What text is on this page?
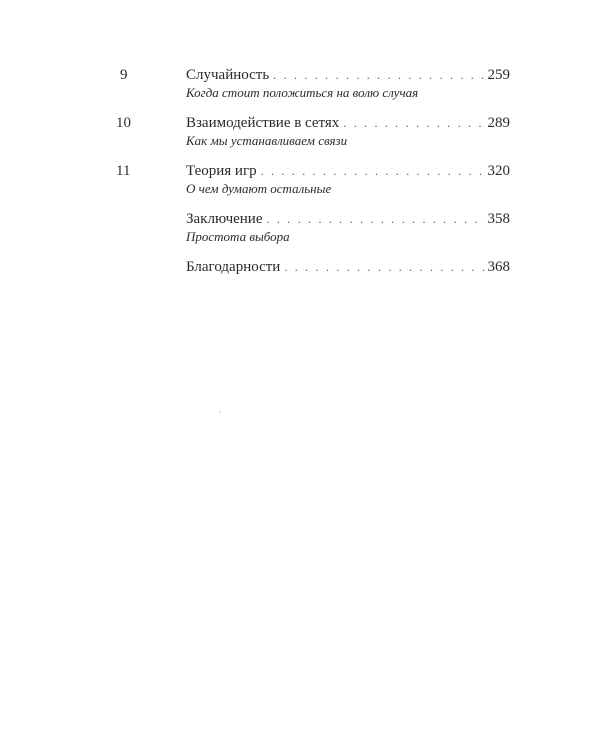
9	Случайность . . .	259
Когда стоит положиться на волю случая
10	Взаимодействие в сетях . . .	289
Как мы устанавливаем связи
11	Теория игр . . .	320
О чем думают остальные
Заключение . . .	358
Простота выбора
Благодарности . . .	368
